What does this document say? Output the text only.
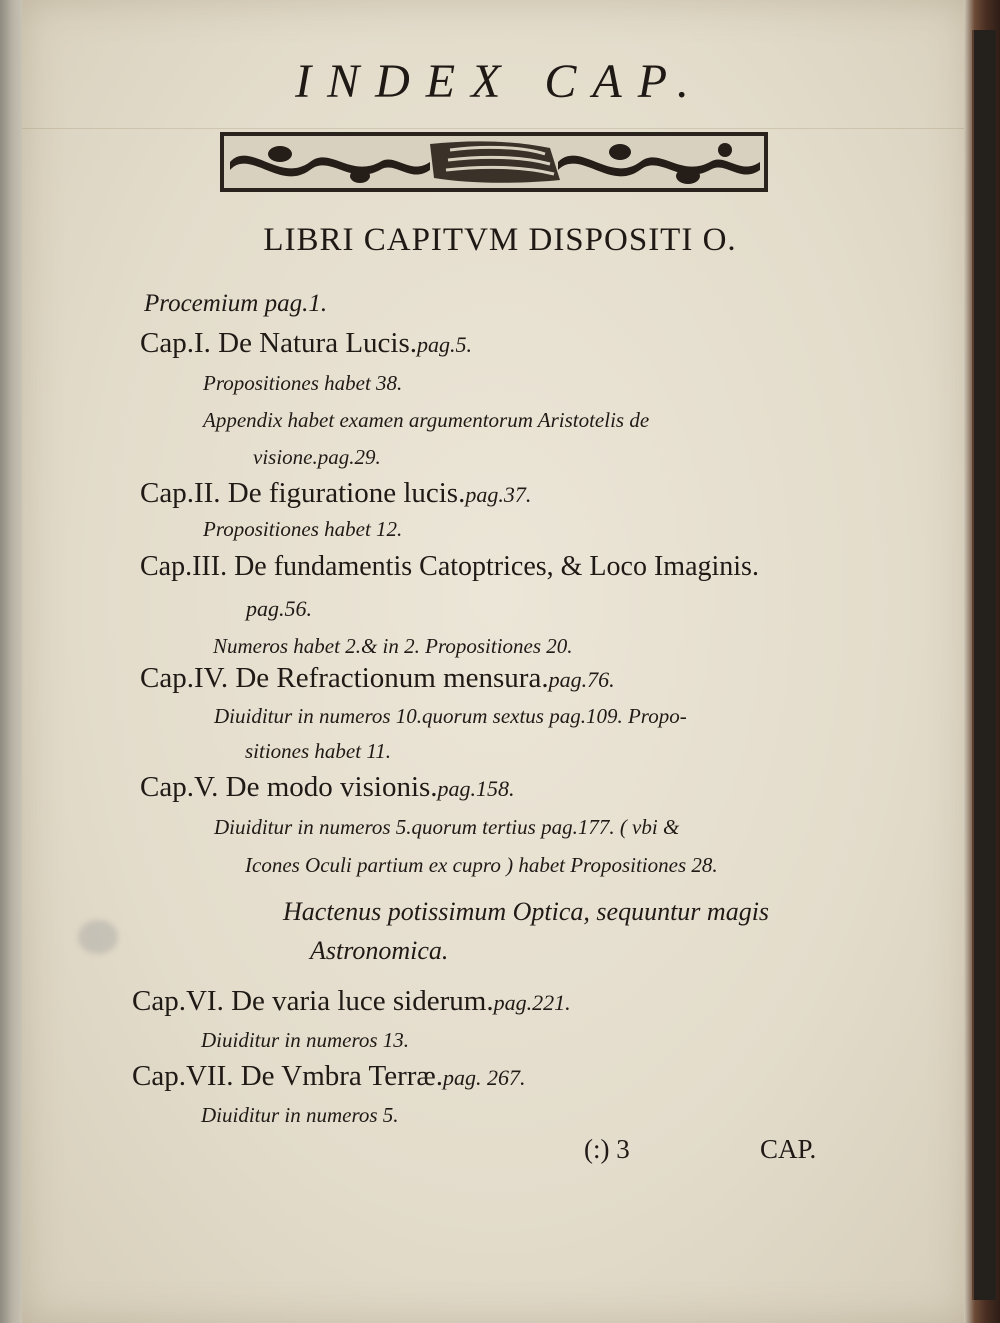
INDEX CAP.
LIBRI CAPITVM DISPOSITI O.
Procemium pag.1.
Cap.I. De Natura Lucis.pag.5.
Propositiones habet 38.
Appendix habet examen argumentorum Aristotelis de
visione.pag.29.
Cap.II. De figuratione lucis.pag.37.
Propositiones habet 12.
Cap.III. De fundamentis Catoptrices, & Loco Imaginis.
pag.56.
Numeros habet 2.& in 2. Propositiones 20.
Cap.IV. De Refractionum mensura.pag.76.
Diuiditur in numeros 10.quorum sextus pag.109. Propo-
sitiones habet 11.
Cap.V. De modo visionis.pag.158.
Diuiditur in numeros 5.quorum tertius pag.177. ( vbi &
Icones Oculi partium ex cupro ) habet Propositiones 28.
Hactenus potissimum Optica, sequuntur magis
Astronomica.
Cap.VI. De varia luce siderum.pag.221.
Diuiditur in numeros 13.
Cap.VII. De Vmbra Terræ.pag. 267.
Diuiditur in numeros 5.
(:) 3	CAP.
